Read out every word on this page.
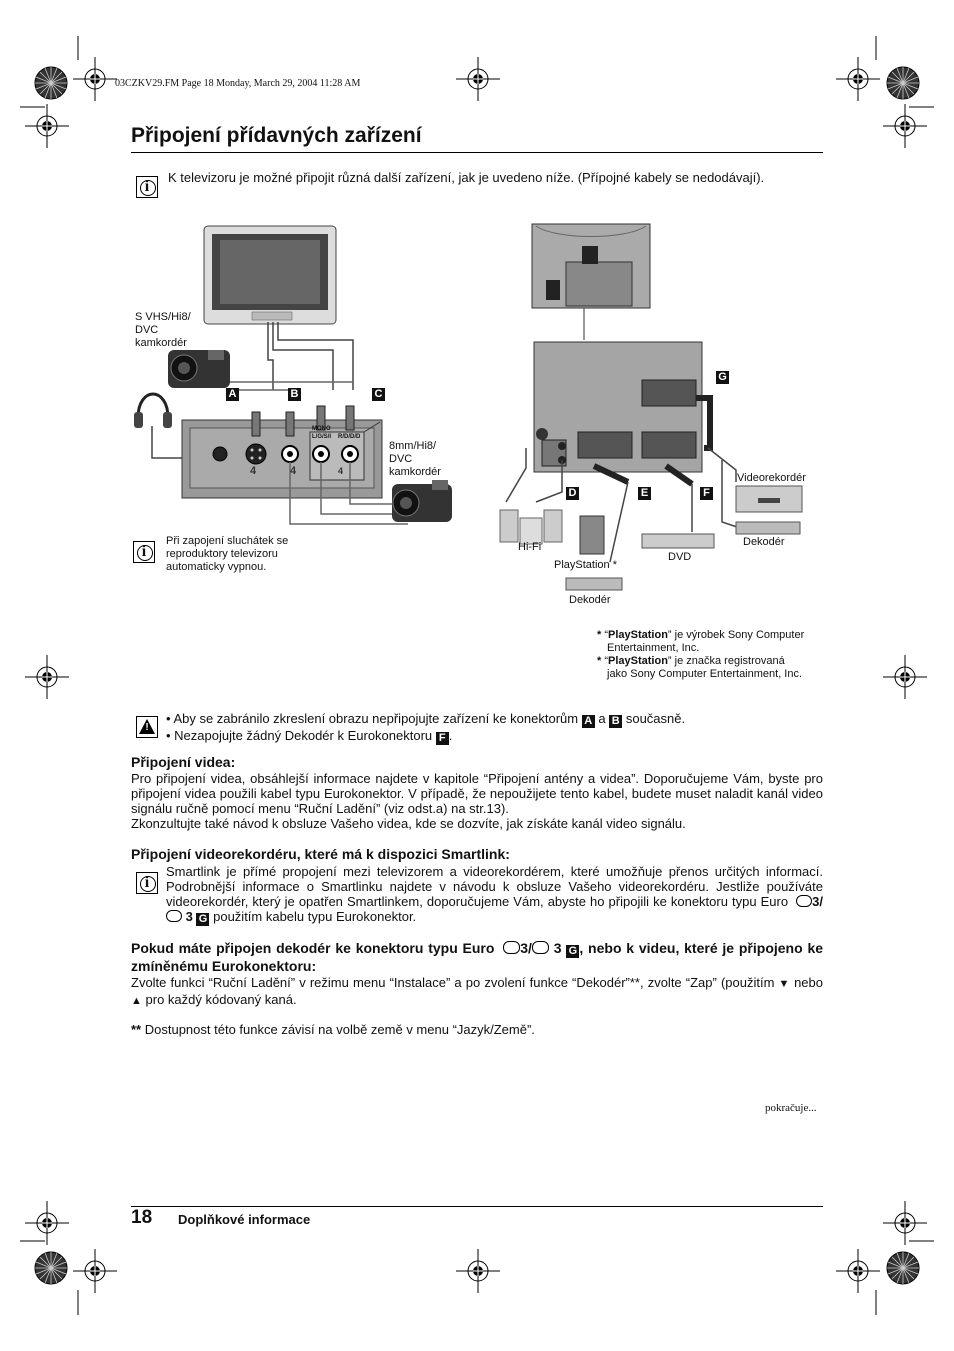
03CZKV29.FM Page 18 Monday, March 29, 2004 11:28 AM
Připojení přídavných zařízení
i
K televizoru je možné připojit různá další zařízení, jak je uvedeno níže. (Přípojné kabely se nedodávají).
S VHS/Hi8/
DVC
kamkordér
8mm/Hi8/
DVC
kamkordér
A	B	C
MONO
L/G/S/I R/D/D/D
4	4	4
i
Při zapojení sluchátek se
reproduktory televizoru
automaticky vypnou.
D	E	F
G
Hi-Fi
PlayStation *
Dekodér
DVD
Videorekordér
Dekodér
* “PlayStation” je výrobek Sony Computer
Entertainment, Inc.
* “PlayStation” je značka registrovaná
jako Sony Computer Entertainment, Inc.
!
• Aby se zabránilo zkreslení obrazu nepřipojujte zařízení ke konektorům A a B současně.
• Nezapojujte žádný Dekodér k Eurokonektoru F .
Připojení videa:
Pro připojení videa, obsáhlejší informace najdete v kapitole “Připojení antény a videa”. Doporučujeme Vám, byste pro připojení videa použili kabel typu Eurokonektor. V případě, že nepoužijete tento kabel, budete muset naladit kanál video signálu ručně pomocí menu “Ruční Ladění” (viz odst.a) na str.13).
Zkonzultujte také návod k obsluze Vašeho videa, kde se dozvíte, jak získáte kanál video signálu.
Připojení videorekordéru, které má k dispozici Smartlink:
i
Smartlink je přímé propojení mezi televizorem a videorekordérem, které umožňuje přenos určitých informací. Podrobnější informace o Smartlinku najdete v návodu k obsluze Vašeho videorekordéru. Jestliže používáte videorekordér, který je opatřen Smartlinkem, doporučujeme Vám, abyste ho připojili ke konektoru typu Euro 3/ 3 G použitím kabelu typu Eurokonektor.
Pokud máte připojen dekodér ke konektoru typu Euro 3/ 3 G , nebo k videu, které je připojeno ke zmíněnému Eurokonektoru:
Zvolte funkci “Ruční Ladění” v režimu menu “Instalace” a po zvolení funkce “Dekodér”**, zvolte “Zap” (použitím ▼ nebo ▲ pro každý kódovaný kaná.
** Dostupnost této funkce závisí na volbě země v menu “Jazyk/Země”.
pokračuje...
18 Doplňkové informace
